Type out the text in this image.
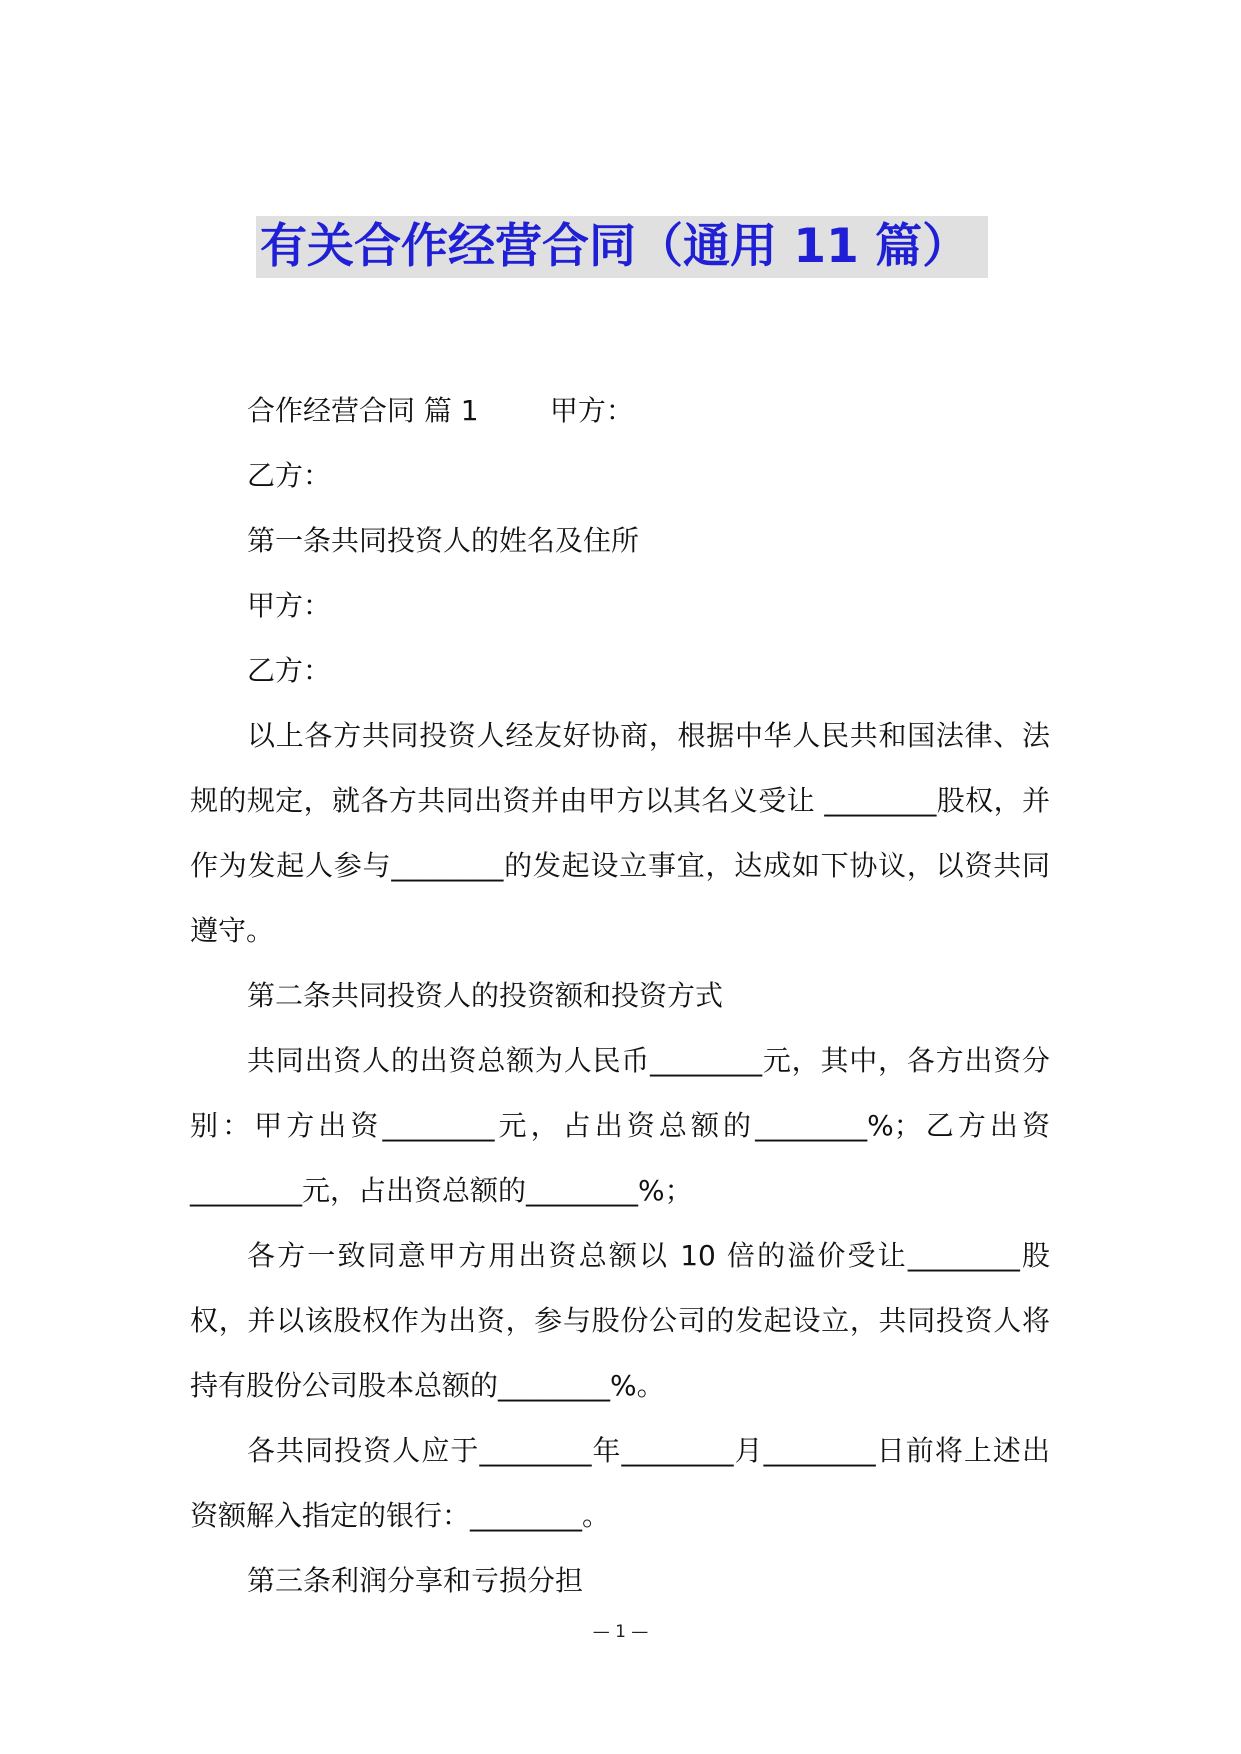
有关合作经营合同（通用 11 篇）

合作经营合同 篇 1        甲方：

乙方：

第一条共同投资人的姓名及住所

甲方：

乙方：

以上各方共同投资人经友好协商，根据中华人民共和国法律、法规的规定，就各方共同出资并由甲方以其名义受让 ________股权，并作为发起人参与________的发起设立事宜，达成如下协议，以资共同遵守。

第二条共同投资人的投资额和投资方式

共同出资人的出资总额为人民币________元，其中，各方出资分别：甲方出资________元，占出资总额的________%；乙方出资________元，占出资总额的________%；

各方一致同意甲方用出资总额以 10 倍的溢价受让________股权，并以该股权作为出资，参与股份公司的发起设立，共同投资人将持有股份公司股本总额的________%。

各共同投资人应于________年________月________日前将上述出资额解入指定的银行：________。

第三条利润分享和亏损分担

— 1 —
